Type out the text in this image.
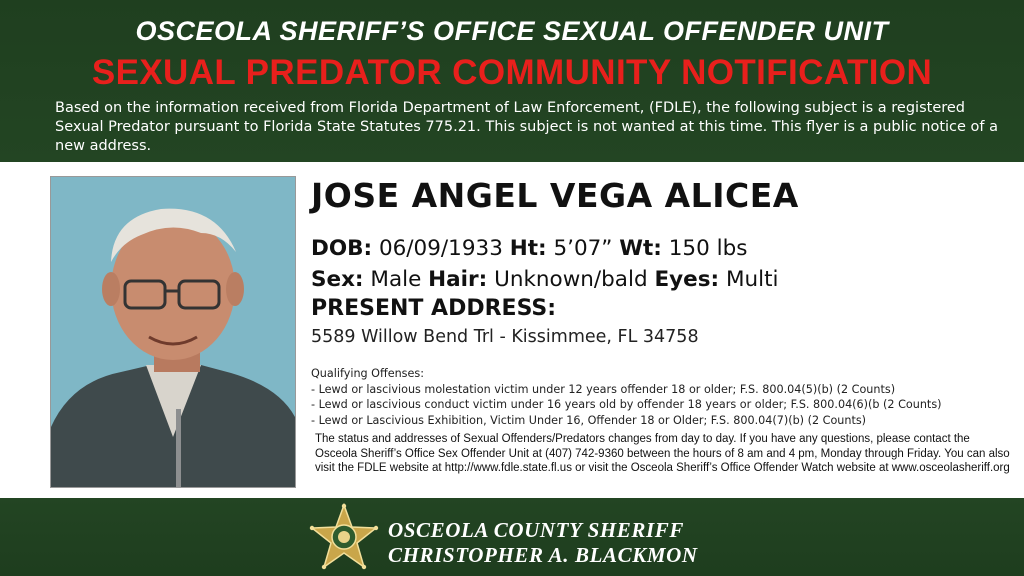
OSCEOLA SHERIFF’S OFFICE SEXUAL OFFENDER UNIT
SEXUAL PREDATOR COMMUNITY NOTIFICATION
Based on the information received from Florida Department of Law Enforcement, (FDLE), the following subject is a registered Sexual Predator pursuant to Florida State Statutes 775.21. This subject is not wanted at this time. This flyer is a public notice of a new address.
JOSE ANGEL VEGA ALICEA
DOB: 06/09/1933 Ht: 5’07” Wt: 150 lbs
Sex: Male Hair: Unknown/bald Eyes: Multi
PRESENT ADDRESS:
5589 Willow Bend Trl - Kissimmee, FL 34758
Qualifying Offenses:
- Lewd or lascivious molestation victim under 12 years offender 18 or older; F.S. 800.04(5)(b) (2 Counts)
- Lewd or lascivious conduct victim under 16 years old by offender 18 years or older; F.S. 800.04(6)(b (2 Counts)
- Lewd or Lascivious Exhibition, Victim Under 16, Offender 18 or Older; F.S. 800.04(7)(b) (2 Counts)
The status and addresses of Sexual Offenders/Predators changes from day to day. If you have any questions, please contact the Osceola Sheriff’s Office Sex Offender Unit at (407) 742-9360 between the hours of 8 am and 4 pm, Monday through Friday. You can also visit the FDLE website at http://www.fdle.state.fl.us or visit the Osceola Sheriff’s Office Offender Watch website at www.osceolasheriff.org
OSCEOLA COUNTY SHERIFF
CHRISTOPHER A. BLACKMON
